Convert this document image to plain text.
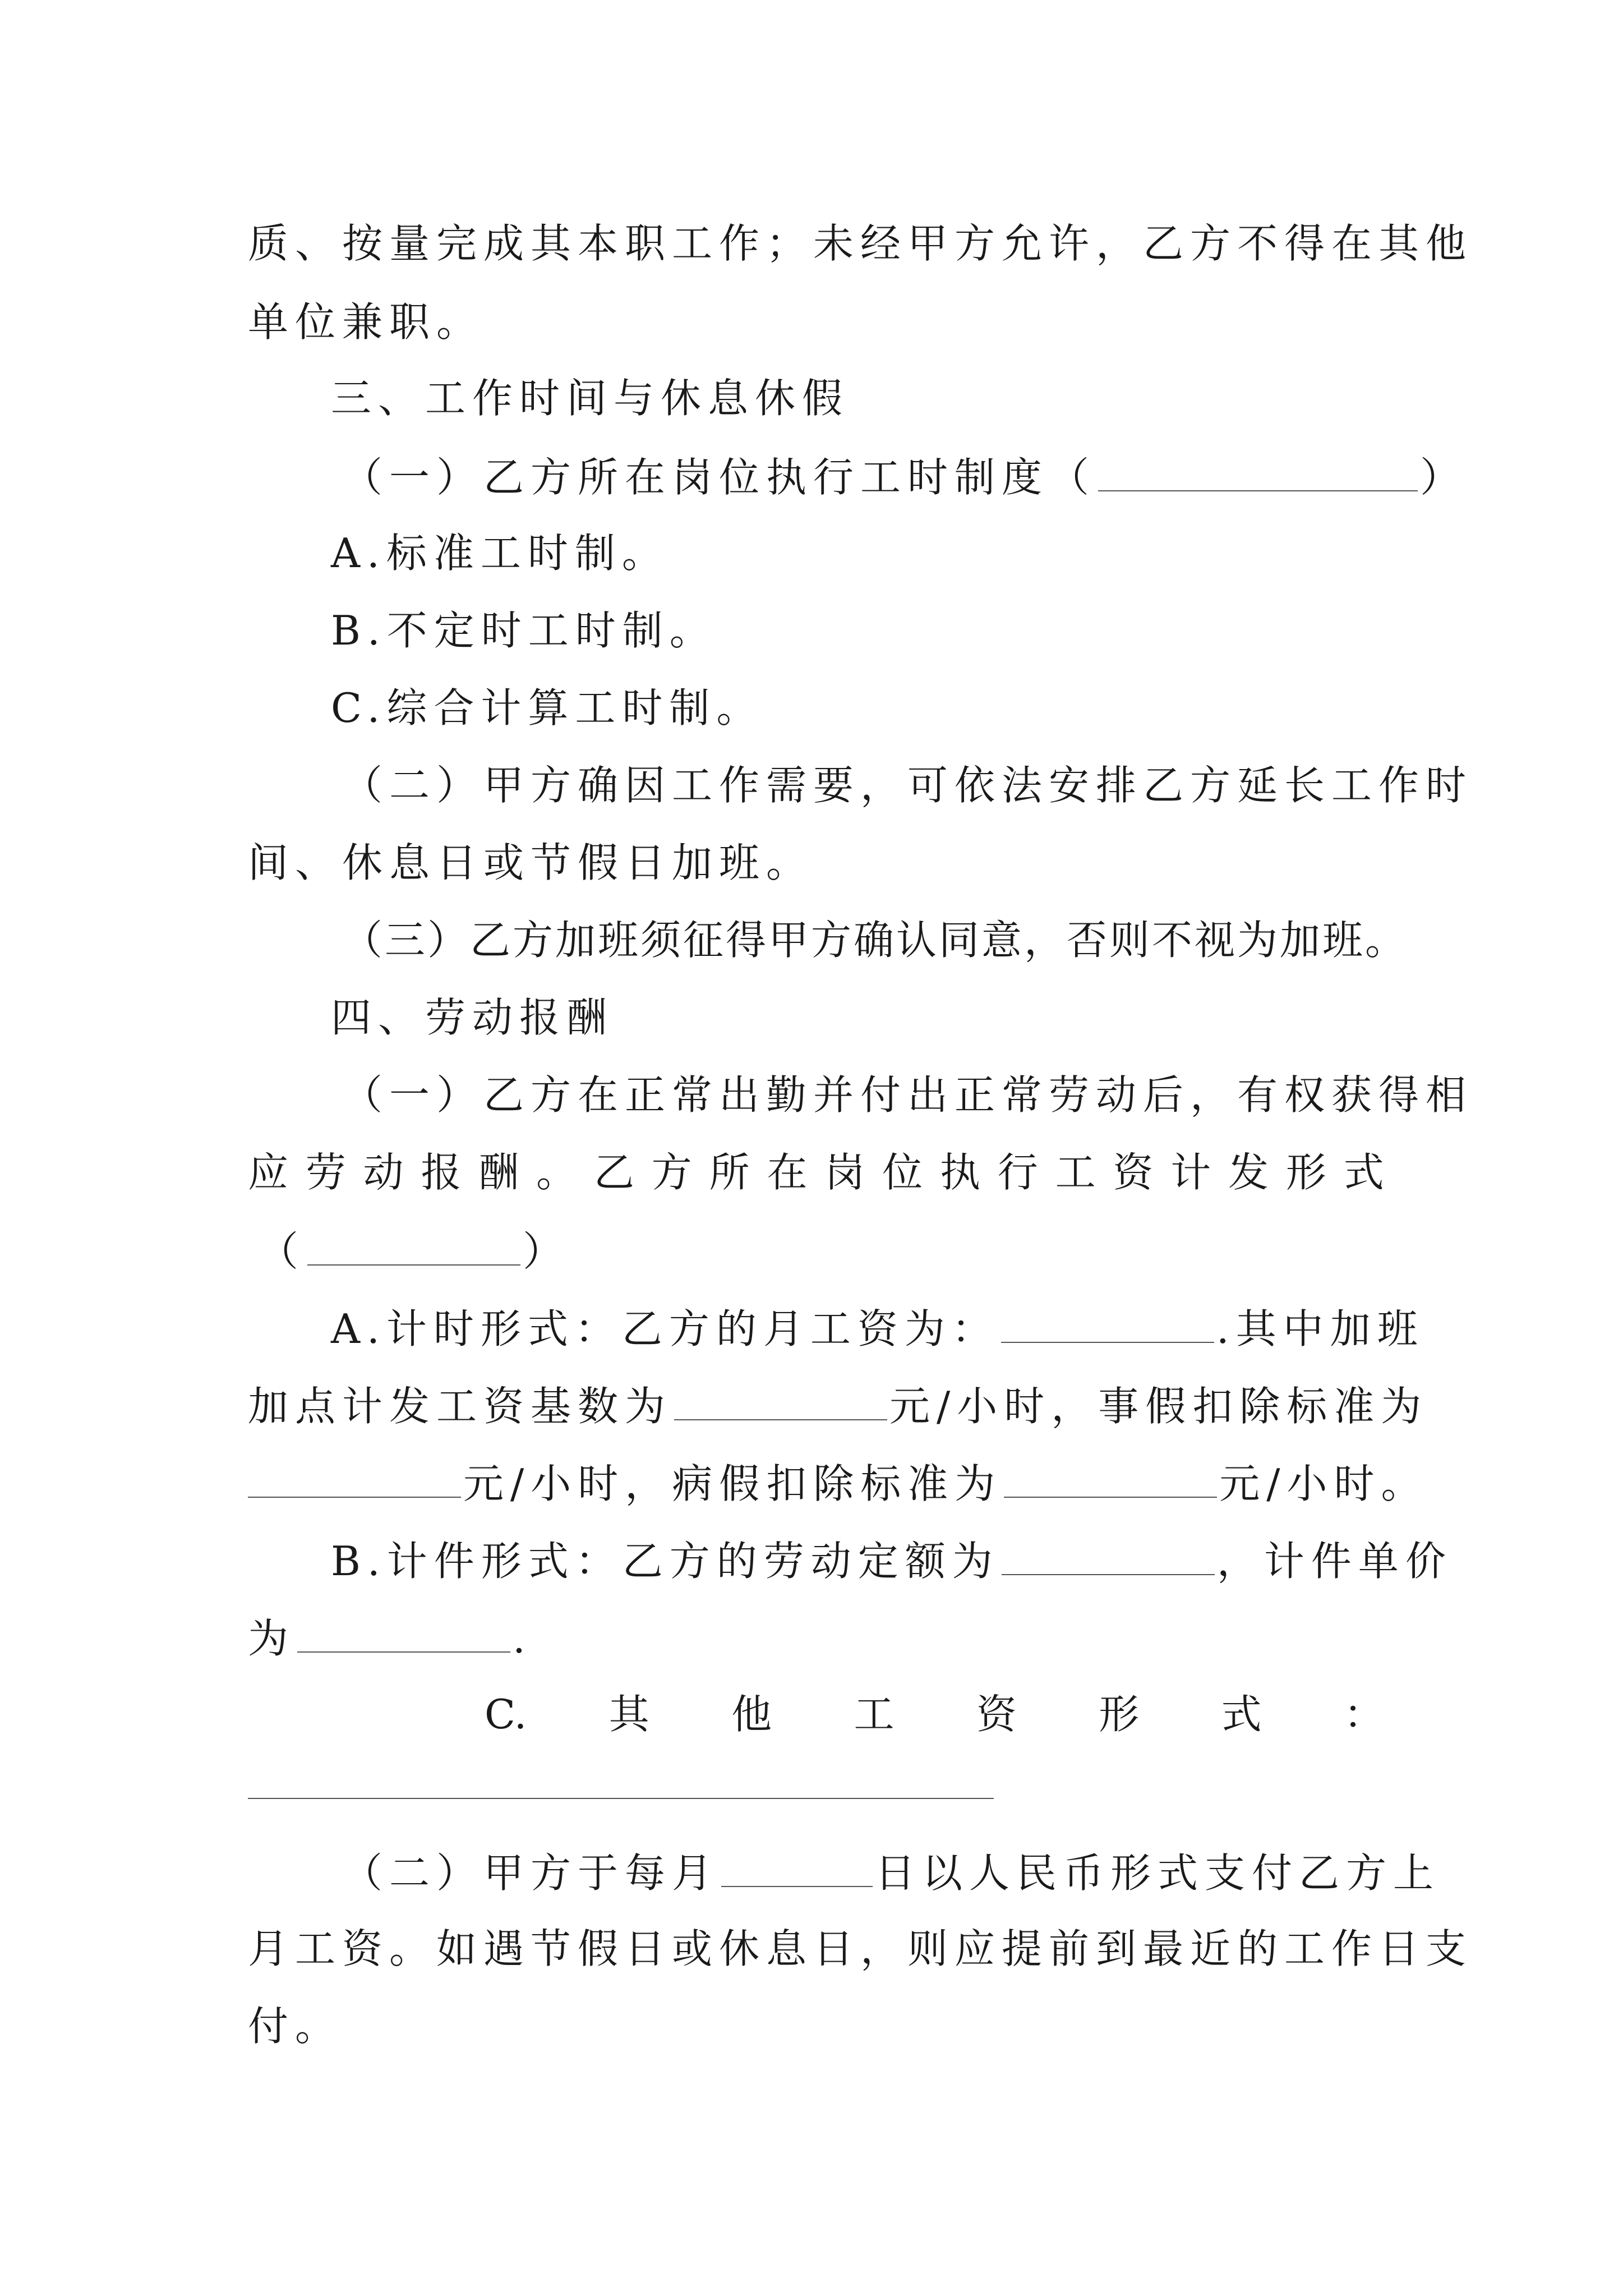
质、按量完成其本职工作；未经甲方允许，乙方不得在其他
单位兼职。
三、工作时间与休息休假
（一）乙方所在岗位执行工时制度（	）
A.标准工时制。
B.不定时工时制。
C.综合计算工时制。
（二）甲方确因工作需要，可依法安排乙方延长工作时
间、休息日或节假日加班。
（三）乙方加班须征得甲方确认同意，否则不视为加班。
四、劳动报酬
（一）乙方在正常出勤并付出正常劳动后，有权获得相
应 劳 动 报 酬 。 乙 方 所 在 岗 位 执 行 工 资 计 发 形 式
（	）
A.计时形式：乙方的月工资为：	.其中加班
加点计发工资基数为	元/小时，事假扣除标准为
元/小时，病假扣除标准为	元/小时。
B.计件形式：乙方的劳动定额为	，计件单价
为	.
C. 其 他 工 资 形 式 ：
（二）甲方于每月	日以人民币形式支付乙方上
月工资。如遇节假日或休息日，则应提前到最近的工作日支
付。
